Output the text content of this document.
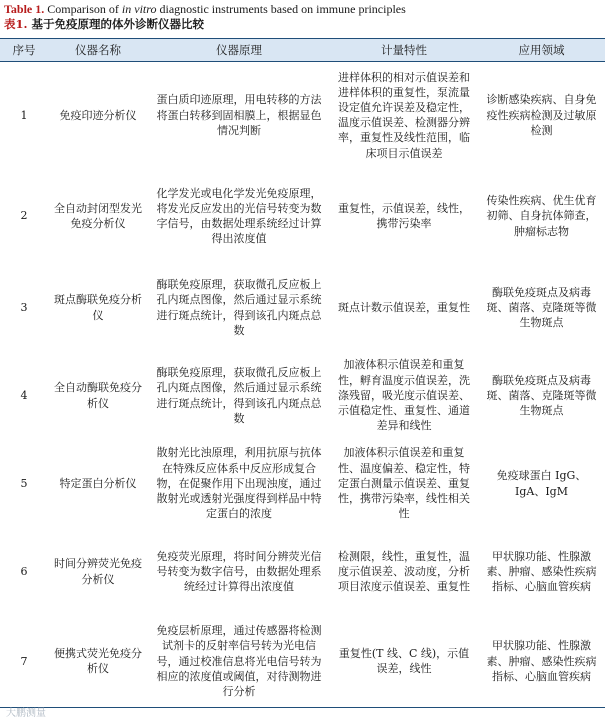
Table 1. Comparison of in vitro diagnostic instruments based on immune principles
表1. 基于免疫原理的体外诊断仪器比较
序号	仪器名称	仪器原理	计量特性	应用领域
1	免疫印迹分析仪	蛋白质印迹原理，用电转移的方法将蛋白转移到固相膜上，根据显色情况判断	进样体积的相对示值误差和进样体积的重复性，泵流量设定值允许误差及稳定性，温度示值误差、检测器分辨率，重复性及线性范围，临床项目示值误差	诊断感染疾病、自身免疫性疾病检测及过敏原检测
2	全自动封闭型发光免疫分析仪	化学发光或电化学发光免疫原理，将发光反应发出的光信号转变为数字信号，由数据处理系统经过计算得出浓度值	重复性，示值误差，线性，携带污染率	传染性疾病、优生优育初筛、自身抗体筛查，肿瘤标志物
3	斑点酶联免疫分析仪	酶联免疫原理，获取微孔反应板上孔内斑点图像，然后通过显示系统进行斑点统计，得到该孔内斑点总数	斑点计数示值误差，重复性	酶联免疫斑点及病毒斑、菌落、克隆斑等微生物斑点
4	全自动酶联免疫分析仪	酶联免疫原理，获取微孔反应板上孔内斑点图像，然后通过显示系统进行斑点统计，得到该孔内斑点总数	加液体积示值误差和重复性，孵育温度示值误差，洗涤残留，吸光度示值误差、示值稳定性、重复性、通道差异和线性	酶联免疫斑点及病毒斑、菌落、克隆斑等微生物斑点
5	特定蛋白分析仪	散射光比浊原理，利用抗原与抗体在特殊反应体系中反应形成复合物，在促聚作用下出现浊度，通过散射光或透射光强度得到样品中特定蛋白的浓度	加液体积示值误差和重复性、温度偏差、稳定性，特定蛋白测量示值误差、重复性，携带污染率，线性相关性	免疫球蛋白 IgG、IgA、IgM
6	时间分辨荧光免疫分析仪	免疫荧光原理，将时间分辨荧光信号转变为数字信号，由数据处理系统经过计算得出浓度值	检测限，线性，重复性，温度示值误差、波动度，分析项目浓度示值误差、重复性	甲状腺功能、性腺激素、肿瘤、感染性疾病指标、心脑血管疾病
7	便携式荧光免疫分析仪	免疫层析原理，通过传感器将检测试剂卡的反射率信号转为光电信号，通过校准信息将光电信号转为相应的浓度值或阈值，对待测物进行分析	重复性(T 线、C 线)，示值误差，线性	甲状腺功能、性腺激素、肿瘤、感染性疾病指标、心脑血管疾病
大鹏测量
